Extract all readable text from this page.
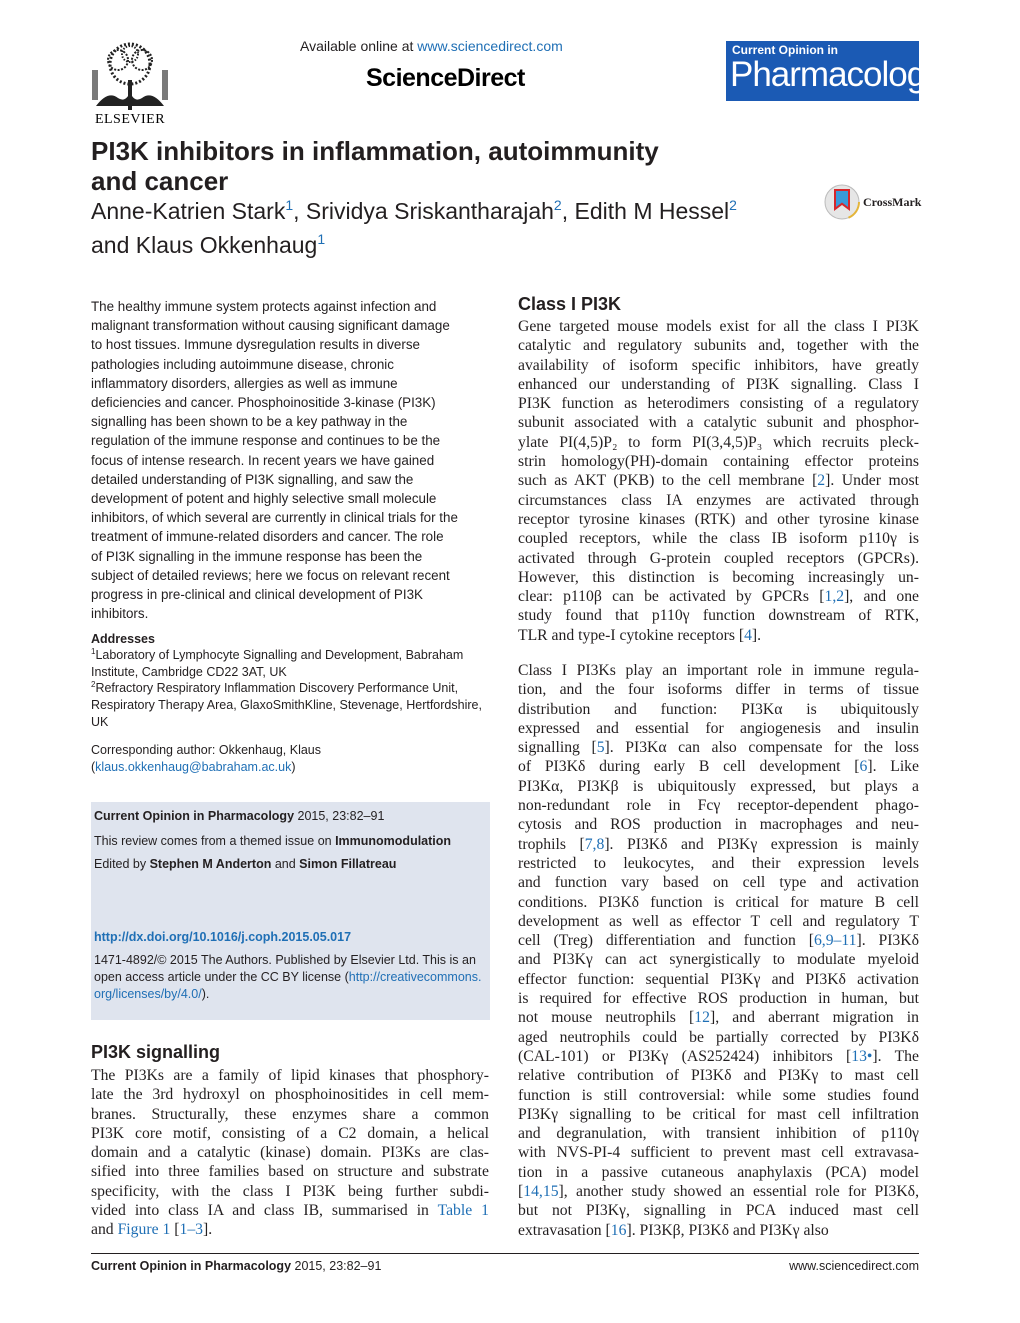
ELSEVIER
Available online at www.sciencedirect.com
ScienceDirect
Current Opinion in
Pharmacology
PI3K inhibitors in inflammation, autoimmunity
and cancer
Anne-Katrien Stark$^1$, Srividya Sriskantharajah$^2$, Edith M Hessel$^2$
and Klaus Okkenhaug$^1$
CrossMark
The healthy immune system protects against infection and
malignant transformation without causing significant damage
to host tissues. Immune dysregulation results in diverse
pathologies including autoimmune disease, chronic
inflammatory disorders, allergies as well as immune
deficiencies and cancer. Phosphoinositide 3-kinase (PI3K)
signalling has been shown to be a key pathway in the
regulation of the immune response and continues to be the
focus of intense research. In recent years we have gained
detailed understanding of PI3K signalling, and saw the
development of potent and highly selective small molecule
inhibitors, of which several are currently in clinical trials for the
treatment of immune-related disorders and cancer. The role
of PI3K signalling in the immune response has been the
subject of detailed reviews; here we focus on relevant recent
progress in pre-clinical and clinical development of PI3K
inhibitors.
Addresses
$^1$Laboratory of Lymphocyte Signalling and Development, Babraham
Institute, Cambridge CD22 3AT, UK
$^2$Refractory Respiratory Inflammation Discovery Performance Unit,
Respiratory Therapy Area, GlaxoSmithKline, Stevenage, Hertfordshire,
UK
Corresponding author: Okkenhaug, Klaus
(klaus.okkenhaug@babraham.ac.uk)
Current Opinion in Pharmacology 2015, 23:82–91
This review comes from a themed issue on Immunomodulation
Edited by Stephen M Anderton and Simon Fillatreau
http://dx.doi.org/10.1016/j.coph.2015.05.017
1471-4892/© 2015 The Authors. Published by Elsevier Ltd. This is an
open access article under the CC BY license (http://creativecommons.
org/licenses/by/4.0/).
PI3K signalling
The PI3Ks are a family of lipid kinases that phosphory-
late the 3rd hydroxyl on phosphoinositides in cell mem-
branes. Structurally, these enzymes share a common
PI3K core motif, consisting of a C2 domain, a helical
domain and a catalytic (kinase) domain. PI3Ks are clas-
sified into three families based on structure and substrate
specificity, with the class I PI3K being further subdi-
vided into class IA and class IB, summarised in Table 1
and Figure 1 [1–3].
Class I PI3K
Gene targeted mouse models exist for all the class I PI3K
catalytic and regulatory subunits and, together with the
availability of isoform specific inhibitors, have greatly
enhanced our understanding of PI3K signalling. Class I
PI3K function as heterodimers consisting of a regulatory
subunit associated with a catalytic subunit and phosphor-
ylate PI(4,5)P₂ to form PI(3,4,5)P₃ which recruits pleck-
strin homology(PH)-domain containing effector proteins
such as AKT (PKB) to the cell membrane [2]. Under most
circumstances class IA enzymes are activated through
receptor tyrosine kinases (RTK) and other tyrosine kinase
coupled receptors, while the class IB isoform p110γ is
activated through G-protein coupled receptors (GPCRs).
However, this distinction is becoming increasingly un-
clear: p110β can be activated by GPCRs [1,2], and one
study found that p110γ function downstream of RTK,
TLR and type-I cytokine receptors [4].
Class I PI3Ks play an important role in immune regula-
tion, and the four isoforms differ in terms of tissue
distribution and function: PI3Kα is ubiquitously
expressed and essential for angiogenesis and insulin
signalling [5]. PI3Kα can also compensate for the loss
of PI3Kδ during early B cell development [6]. Like
PI3Kα, PI3Kβ is ubiquitously expressed, but plays a
non-redundant role in Fcγ receptor-dependent phago-
cytosis and ROS production in macrophages and neu-
trophils [7,8]. PI3Kδ and PI3Kγ expression is mainly
restricted to leukocytes, and their expression levels
and function vary based on cell type and activation
conditions. PI3Kδ function is critical for mature B cell
development as well as effector T cell and regulatory T
cell (Treg) differentiation and function [6,9–11]. PI3Kδ
and PI3Kγ can act synergistically to modulate myeloid
effector function: sequential PI3Kγ and PI3Kδ activation
is required for effective ROS production in human, but
not mouse neutrophils [12], and aberrant migration in
aged neutrophils could be partially corrected by PI3Kδ
(CAL-101) or PI3Kγ (AS252424) inhibitors [13•]. The
relative contribution of PI3Kδ and PI3Kγ to mast cell
function is still controversial: while some studies found
PI3Kγ signalling to be critical for mast cell infiltration
and degranulation, with transient inhibition of p110γ
with NVS-PI-4 sufficient to prevent mast cell extravasa-
tion in a passive cutaneous anaphylaxis (PCA) model
[14,15], another study showed an essential role for PI3Kδ,
but not PI3Kγ, signalling in PCA induced mast cell
extravasation [16]. PI3Kβ, PI3Kδ and PI3Kγ also
Current Opinion in Pharmacology 2015, 23:82–91	www.sciencedirect.com
